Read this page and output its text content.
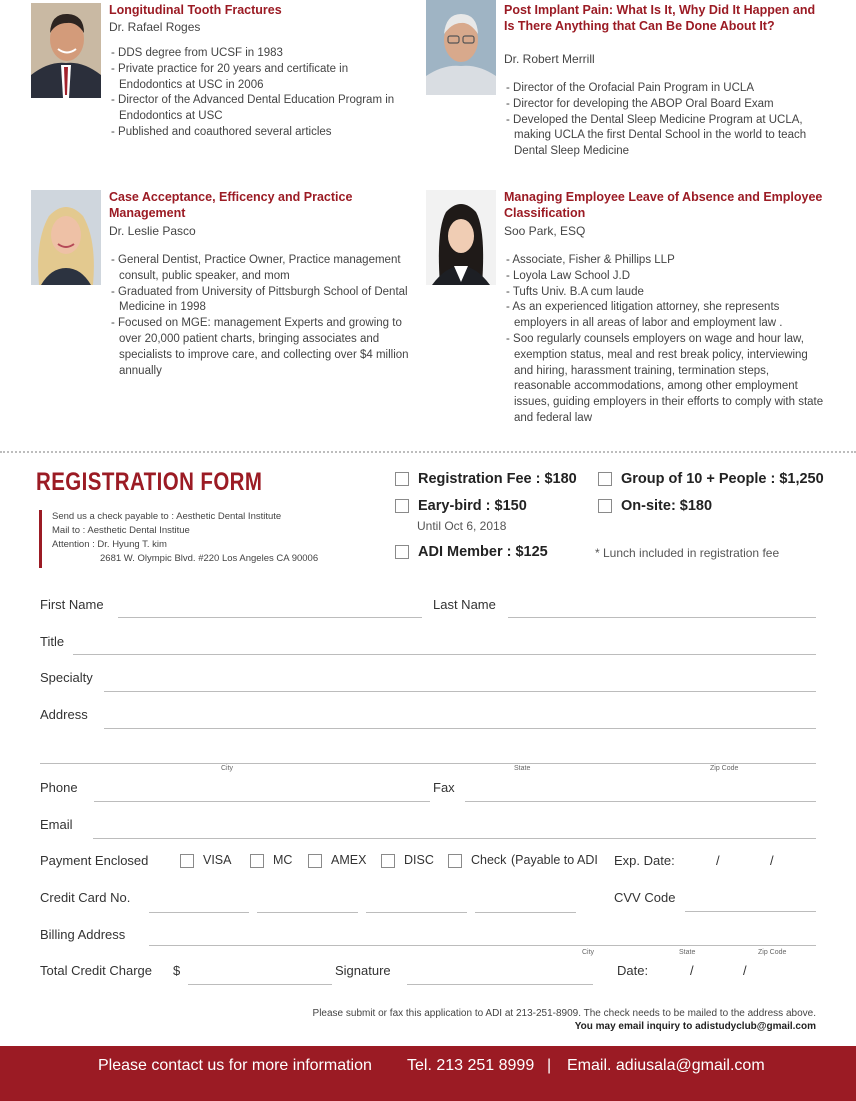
Longitudinal Tooth Fractures
Dr. Rafael Roges
- DDS degree from UCSF in 1983
- Private practice for 20 years and certificate in Endodontics at USC in 2006
- Director of the Advanced Dental Education Program in Endodontics at USC
- Published and coauthored several articles
Post Implant Pain: What Is It, Why Did It Happen and Is There Anything that Can Be Done About It?
Dr. Robert Merrill
- Director of the Orofacial Pain Program in UCLA
- Director for developing the ABOP Oral Board Exam
- Developed the Dental Sleep Medicine Program at UCLA, making UCLA the first Dental School in the world to teach Dental Sleep Medicine
Case Acceptance, Efficency and Practice Management
Dr. Leslie Pasco
- General Dentist, Practice Owner, Practice management consult, public speaker, and mom
- Graduated from University of Pittsburgh School of Dental Medicine in 1998
- Focused on MGE: management Experts and growing to over 20,000 patient charts, bringing associates and specialists to improve care, and collecting over $4 million annually
Managing Employee Leave of Absence and Employee Classification
Soo Park, ESQ
- Associate, Fisher & Phillips LLP
- Loyola Law School J.D
- Tufts Univ. B.A cum laude
- As an experienced litigation attorney, she represents employers in all areas of labor and employment law .
- Soo regularly counsels employers on wage and hour law, exemption status, meal and rest break policy, interviewing and hiring, harassment training, termination steps, reasonable accommodations, among other employment issues, guiding employers in their efforts to comply with state and federal law
REGISTRATION FORM
Send us a check payable to : Aesthetic Dental Institute
Mail to : Aesthetic Dental Institue
Attention : Dr. Hyung T. kim
2681 W. Olympic Blvd. #220 Los Angeles CA 90006
Registration Fee : $180
Eary-bird : $150
Until Oct 6, 2018
ADI Member : $125
Group of 10 + People : $1,250
On-site: $180
* Lunch included in registration fee
First Name	Last Name
Title
Specialty
Address
City	State	Zip Code
Phone	Fax
Email
Payment Enclosed	VISA	MC	AMEX	DISC	Check (Payable to ADI Exp. Date:	/	/
Credit Card No.	CVV Code
Billing Address
City	State	Zip Code
Total Credit Charge $	Signature	Date:	/	/
Please submit or fax this application to ADI at 213-251-8909. The check needs to be mailed to the address above.
You may email inquiry to adistudyclub@gmail.com
Please contact us for more information Tel. 213 251 8999 | Email. adiusala@gmail.com
